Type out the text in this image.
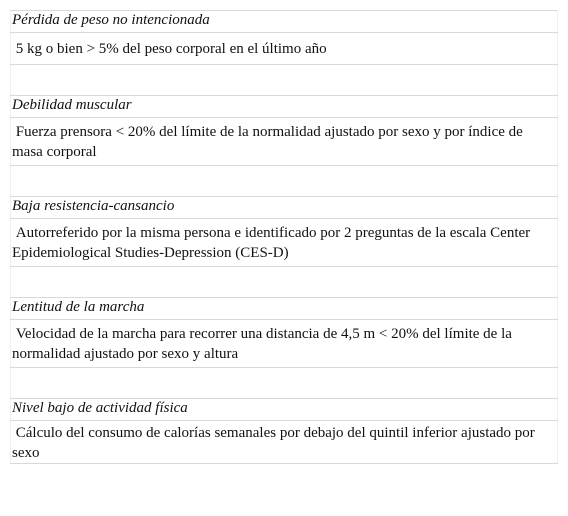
Pérdida de peso no intencionada
5 kg o bien > 5% del peso corporal en el último año

Debilidad muscular
Fuerza prensora < 20% del límite de la normalidad ajustado por sexo y por índice de masa corporal

Baja resistencia-cansancio
Autorreferido por la misma persona e identificado por 2 preguntas de la escala Center Epidemiological Studies-Depression (CES-D)

Lentitud de la marcha
Velocidad de la marcha para recorrer una distancia de 4,5 m < 20% del límite de la normalidad ajustado por sexo y altura

Nivel bajo de actividad física
Cálculo del consumo de calorías semanales por debajo del quintil inferior ajustado por sexo
